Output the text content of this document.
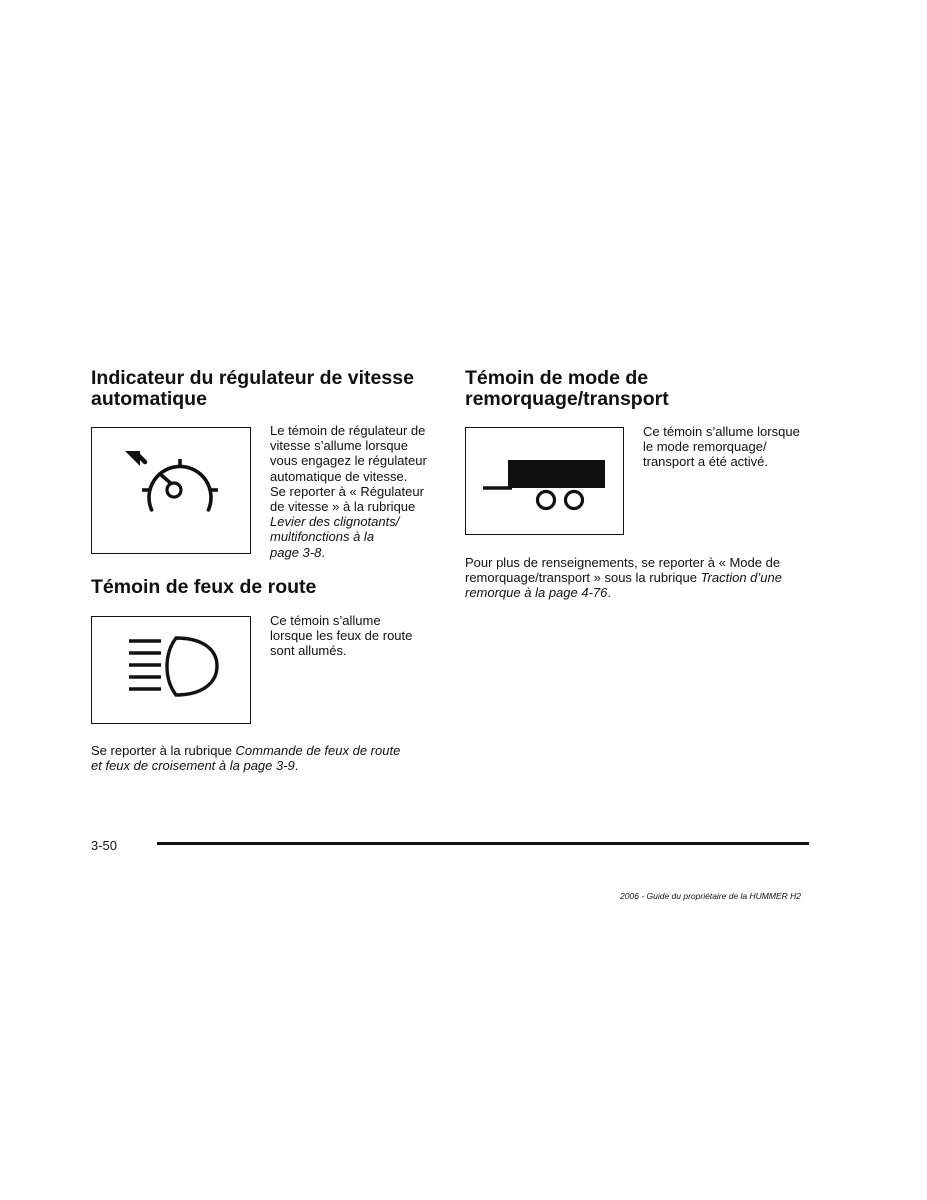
Indicateur du régulateur de vitesse
automatique
Le témoin de régulateur de
vitesse s’allume lorsque
vous engagez le régulateur
automatique de vitesse.
Se reporter à « Régulateur
de vitesse » à la rubrique
Levier des clignotants/
multifonctions à la
page 3-8.
Témoin de feux de route
Ce témoin s’allume
lorsque les feux de route
sont allumés.
Se reporter à la rubrique Commande de feux de route
et feux de croisement à la page 3-9.
Témoin de mode de
remorquage/transport
Ce témoin s’allume lorsque
le mode remorquage/
transport a été activé.
Pour plus de renseignements, se reporter à « Mode de
remorquage/transport » sous la rubrique Traction d’une
remorque à la page 4-76.
3-50
2006 - Guide du propriétaire de la HUMMER H2
